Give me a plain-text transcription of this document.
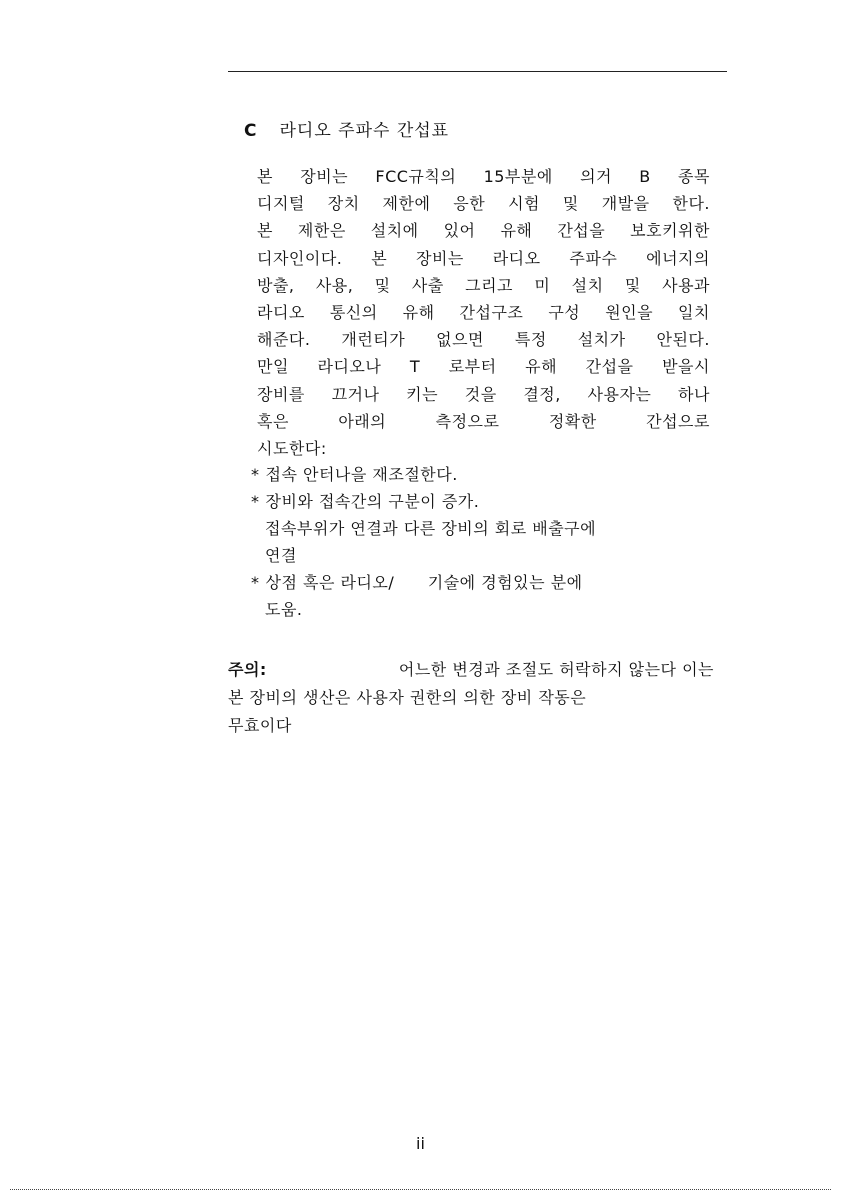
C 라디오 주파수 간섭표
본 장비는 FCC규칙의 15부분에 의거 B 종목
디지털 장치 제한에 응한 시험 및 개발을 한다.
본 제한은 설치에 있어 유해 간섭을 보호키위한
디자인이다. 본 장비는 라디오 주파수 에너지의
방출, 사용, 및 사출 그리고 미 설치 및 사용과
라디오 통신의 유해 간섭구조 구성 원인을 일치
해준다. 개런티가 없으면 특정 설치가 안된다.
만일 라디오나 T 로부터 유해 간섭을 받을시
장비를 끄거나 키는 것을 결정, 사용자는 하나
혹은	아래의	측정으로	정확한	간섭으로
시도한다:
* 접속 안터나을 재조절한다.
* 장비와 접속간의 구분이 증가.
접속부위가 연결과 다른 장비의 회로 배출구에
연결
* 상점 혹은 라디오/      기술에 경험있는 분에
도움.
주의:	어느한 변경과 조절도 허락하지 않는다 이는
본 장비의 생산은 사용자 권한의 의한 장비 작동은
무효이다
ii
